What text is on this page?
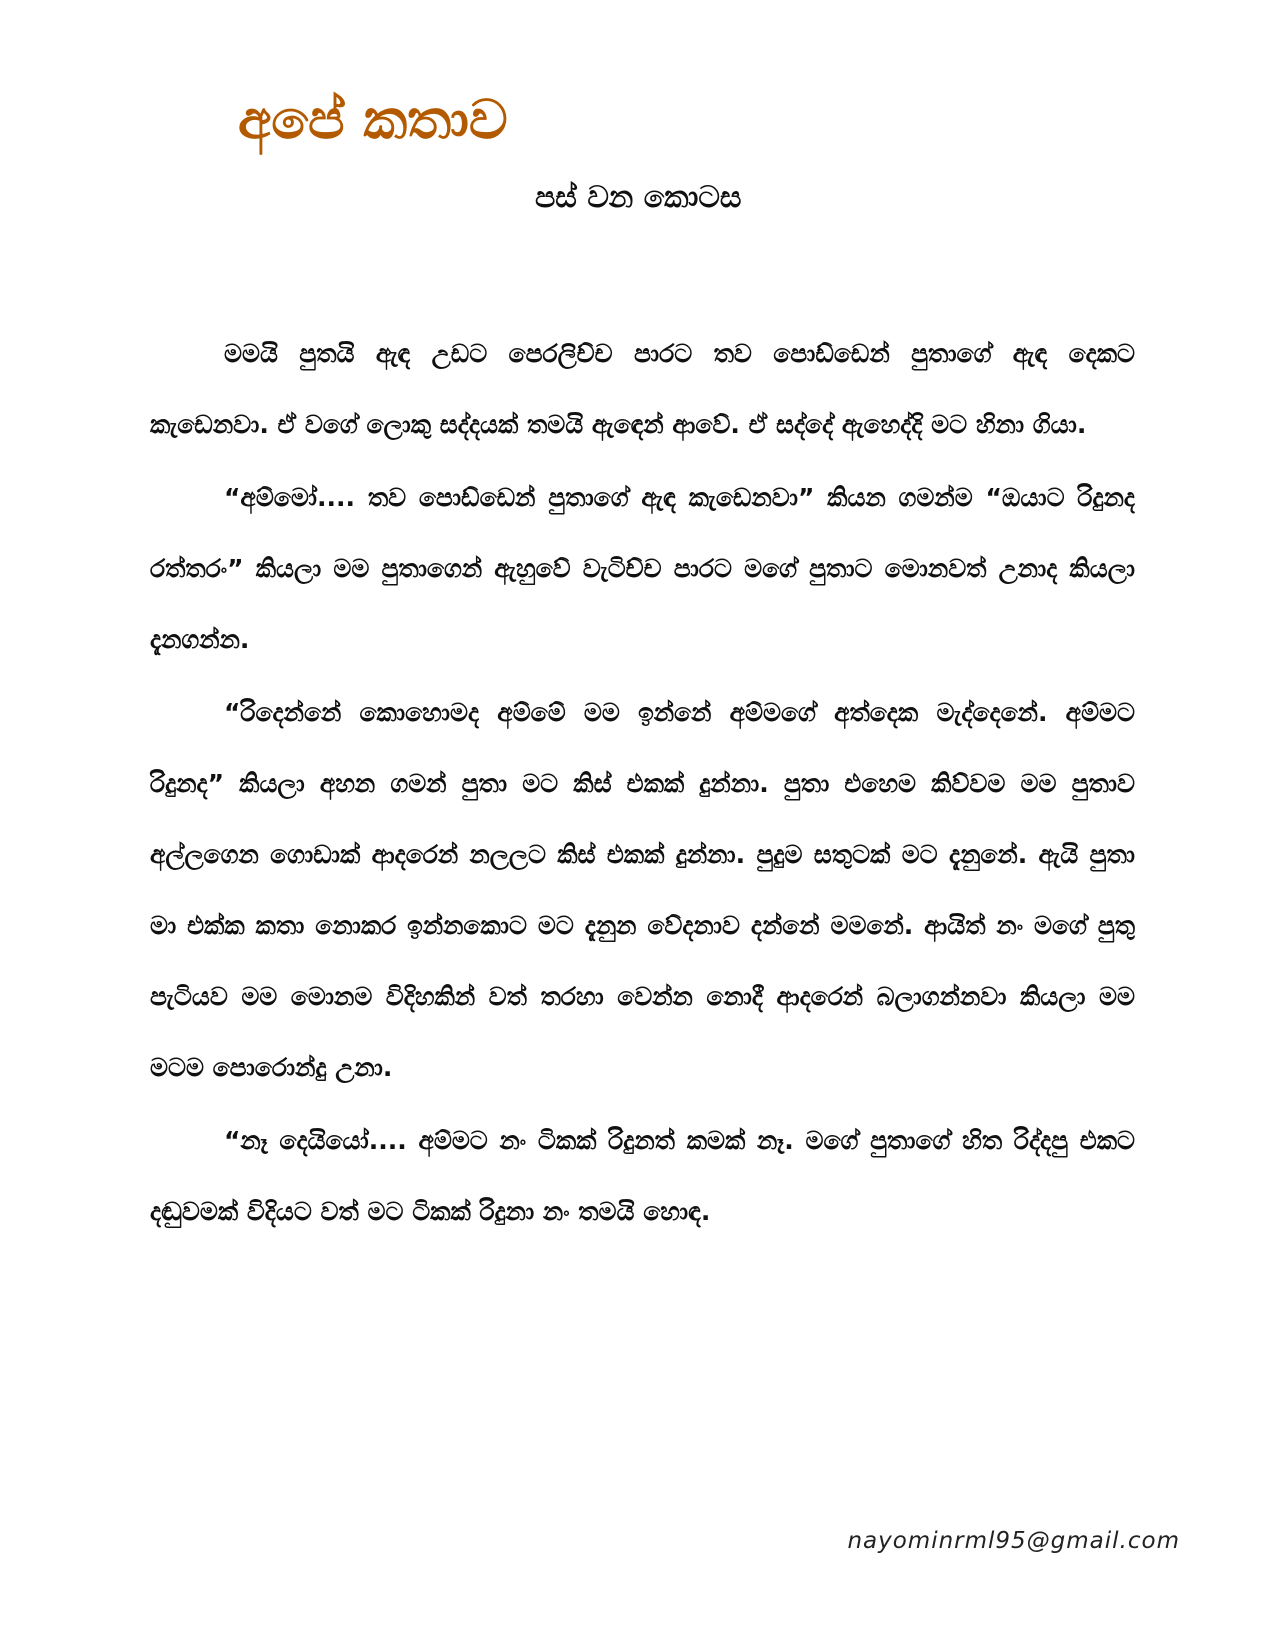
අපේ කතාව
පස් වන කොටස

මමයි පුතයි ඇඳ උඩට පෙරලිච්ච පාරට තව පොඩ්ඩෙන් පුතාගේ ඇඳ දෙකට කැඩෙනවා. ඒ වගේ ලොකු සද්දයක් තමයි ඇඳෙන් ආවේ. ඒ සද්දේ ඇහෙද්දි මට හිනා ගියා.

“අම්මෝ.... තව පොඩ්ඩෙන් පුතාගේ ඇඳ කැඩෙනවා” කියන ගමන්ම “ඔයාට රිදුනද රත්තරං” කියලා මම පුතාගෙන් ඇහුවේ වැටිච්ච පාරට මගේ පුතාට මොනවත් උනාද කියලා දැනගන්න.

“රිදෙන්නේ කොහොමද අම්මේ මම ඉන්නේ අම්මගේ අත්දෙක මැද්දෙනේ. අම්මට රිදුනද” කියලා අහන ගමන් පුතා මට කිස් එකක් දුන්නා. පුතා එහෙම කිව්වම මම පුතාව අල්ලගෙන ගොඩාක් ආදරෙන් නලලට කිස් එකක් දුන්නා. පුදුම සතුටක් මට දැනුනේ. ඇයි පුතා මා එක්ක කතා නොකර ඉන්නකොට මට දැනුන වේදනාව දන්නේ මමනේ. ආයිත් නං මගේ පුතු පැටියව මම මොනම විදිහකින් වත් තරහා වෙන්න නොදී ආදරෙන් බලාගන්නවා කියලා මම මටම පොරොන්දු උනා.

“නෑ දෙයියෝ.... අම්මට නං ටිකක් රිදුනත් කමක් නෑ. මගේ පුතාගේ හිත රිද්දපු එකට දඬුවමක් විදියට වත් මට ටිකක් රිදුනා නං තමයි හොඳ.

nayominrml95@gmail.com
